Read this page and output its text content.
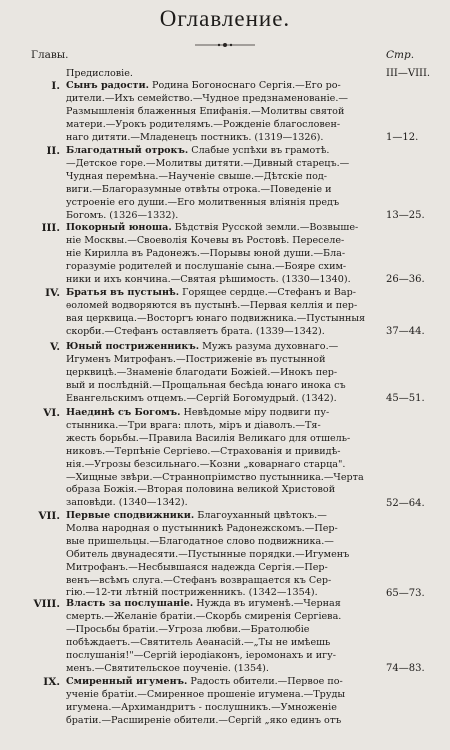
Оглавление.
Главы.	Стр.
Предисловіе.	III—VIII.
I. Сынъ радости. Родина Богоноснаго Сергія.—Его ро-
дители.—Ихъ семейство.—Чудное предзнаменованіе.—
Размышленія блаженныя Епифанія.—Молитвы святой
матери.—Урокъ родителямъ.—Рожденіе благословен-
наго дитяти.—Младенецъ постникъ. (1319—1326).	1—12.
II. Благодатный отрокъ. Слабые успѣхи въ грамотѣ.
—Детское горе.—Молитвы дитяти.—Дивный старецъ.—
Чудная перемѣна.—Наученіе свыше.—Дѣтскіе под-
виги.—Благоразумные отвѣты отрока.—Поведеніе и
устроеніе его души.—Его молитвенныя влiянія предъ
Богомъ. (1326—1332).	13—25.
III. Покорный юноша. Бѣдствія Русской земли.—Возвыше-
ніе Москвы.—Своеволія Кочевы въ Ростовѣ. Переселе-
ніе Кирилла въ Радонежъ.—Порывы юной души.—Бла-
горазумiе родителей и послушаніе сына.—Бояре схим-
ники и ихъ кончина.—Святая рѣшимость. (1330—1340).	26—36.
IV. Братья въ пустынѣ. Горящее сердце.—Стефанъ и Вар-
ѳоломей водворяются въ пустынѣ.—Первая келлія и пер-
вая церквица.—Восторгъ юнаго подвижника.—Пустынныя
скорби.—Стефанъ оставляетъ брата. (1339—1342).	37—44.
V. Юный постриженникъ. Мужъ разума духовнаго.—
Игуменъ Митрофанъ.—Постриженіе въ пустынной
церквицѣ.—Знаменіе благодати Божіей.—Инокъ пер-
вый и послѣдній.—Прощальная бесѣда юнаго инока съ
Евангельскимъ отцемъ.—Сергій Богомудрый. (1342).	45—51.
VI. Наединѣ съ Богомъ. Невѣдомые міру подвиги пу-
стынника.—Три врага: плоть, міръ и діаволъ.—Тя-
жесть борьбы.—Правила Василія Великаго для отшель-
никовъ.—Терпѣніе Сергіево.—Страхованія и привидѣ-
нія.—Угрозы безсильнаго.—Козни „коварнаго старца".
—Хищные звѣри.—Страннопріимство пустынника.—Черта
образа Божія.—Вторая половина великой Христовой
заповѣди. (1340—1342).	52—64.
VII. Первые сподвижники. Благоуханный цвѣтокъ.—
Молва народная о пустынникѣ Радонежскомъ.—Пер-
вые пришельцы.—Благодатное слово подвижника.—
Обитель двунадесяти.—Пустынные порядки.—Игуменъ
Митрофанъ.—Несбывшаяся надежда Сергія.—Пер-
венъ—всѣмъ слуга.—Стефанъ возвращается къ Сер-
гію.—12-ти лѣтній постриженникъ. (1342—1354).	65—73.
VIII. Власть за послушаніе. Нужда въ игуменѣ.—Черная
смерть.—Желаніе братіи.—Скорбь смиренія Сергіева.
—Просьбы братіи.—Угроза любви.—Братолюбіе
побѣждаетъ.—Святитель Аѳанасій.—„Ты не имѣешь
послушанія!"—Сергій іеродіаконъ, іеромонахъ и игу-
менъ.—Святительское поученіе. (1354).	74—83.
IX. Смиренный игуменъ. Радость обители.—Первое по-
ученіе братіи.—Смиренное прошеніе игумена.—Труды
игумена.—Архимандритъ - послушникъ.—Умноженіе
братіи.—Расширеніе обители.—Сергій „яко единъ отъ
